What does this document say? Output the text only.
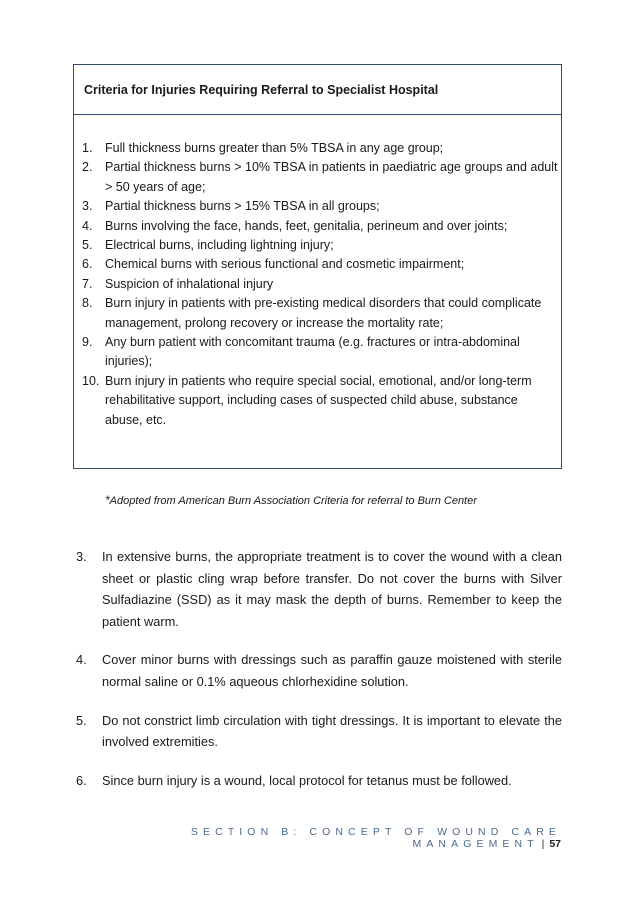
Criteria for Injuries Requiring Referral to Specialist Hospital
1. Full thickness burns greater than 5% TBSA in any age group;
2. Partial thickness burns > 10% TBSA in patients in paediatric age groups and adult > 50 years of age;
3. Partial thickness burns > 15% TBSA in all groups;
4. Burns involving the face, hands, feet, genitalia, perineum and over joints;
5. Electrical burns, including lightning injury;
6. Chemical burns with serious functional and cosmetic impairment;
7. Suspicion of inhalational injury
8. Burn injury in patients with pre-existing medical disorders that could complicate management, prolong recovery or increase the mortality rate;
9. Any burn patient with concomitant trauma (e.g. fractures or intra-abdominal injuries);
10. Burn injury in patients who require special social, emotional, and/or long-term rehabilitative support, including cases of suspected child abuse, substance abuse, etc.
*Adopted from American Burn Association Criteria for referral to Burn Center
3. In extensive burns, the appropriate treatment is to cover the wound with a clean sheet or plastic cling wrap before transfer. Do not cover the burns with Silver Sulfadiazine (SSD) as it may mask the depth of burns. Remember to keep the patient warm.
4. Cover minor burns with dressings such as paraffin gauze moistened with sterile normal saline or 0.1% aqueous chlorhexidine solution.
5. Do not constrict limb circulation with tight dressings. It is important to elevate the involved extremities.
6. Since burn injury is a wound, local protocol for tetanus must be followed.
SECTION B: CONCEPT OF WOUND CARE MANAGEMENT | 57
